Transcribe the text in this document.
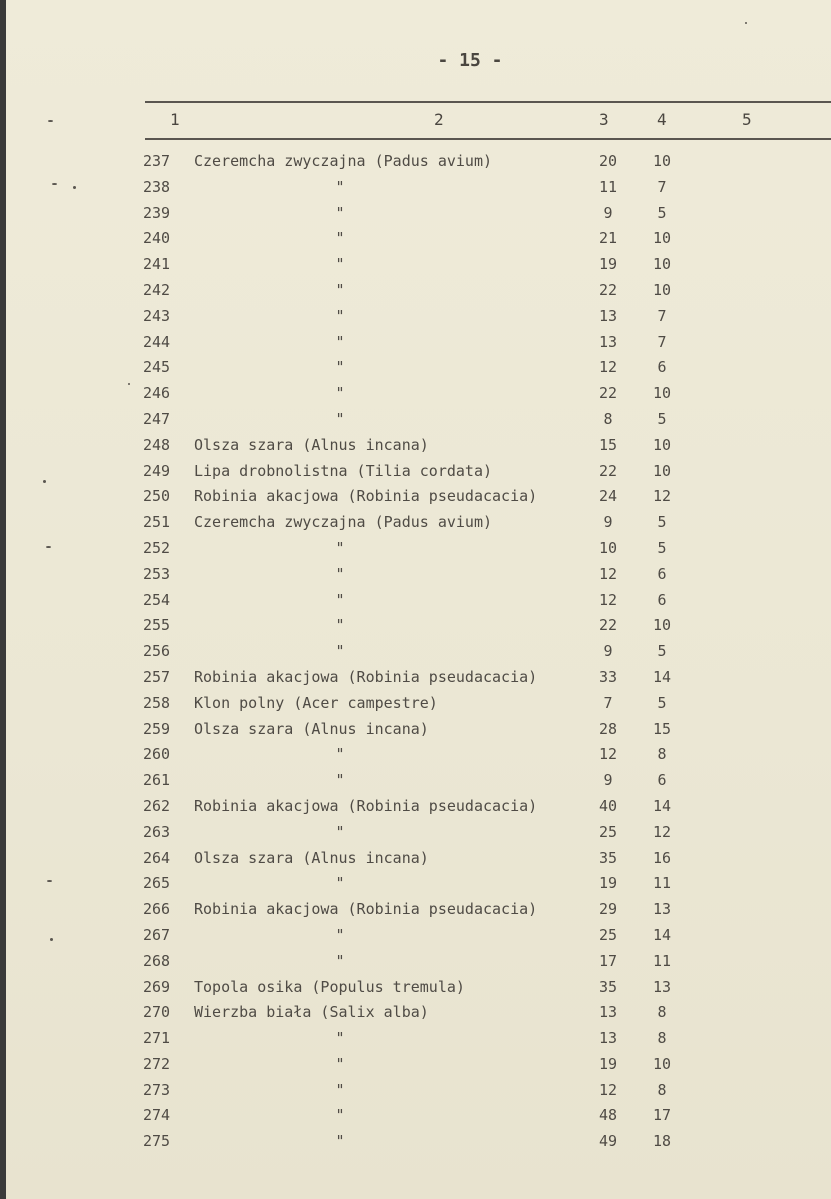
- 15 -
1	2	3	4	5
237	Czeremcha zwyczajna (Padus avium)	20	10
238	"	11	7
239	"	9	5
240	"	21	10
241	"	19	10
242	"	22	10
243	"	13	7
244	"	13	7
245	"	12	6
246	"	22	10
247	"	8	5
248	Olsza szara (Alnus incana)	15	10
249	Lipa drobnolistna (Tilia cordata)	22	10
250	Robinia akacjowa (Robinia pseudacacia)	24	12
251	Czeremcha zwyczajna (Padus avium)	9	5
252	"	10	5
253	"	12	6
254	"	12	6
255	"	22	10
256	"	9	5
257	Robinia akacjowa (Robinia pseudacacia)	33	14
258	Klon polny (Acer campestre)	7	5
259	Olsza szara (Alnus incana)	28	15
260	"	12	8
261	"	9	6
262	Robinia akacjowa (Robinia pseudacacia)	40	14
263	"	25	12
264	Olsza szara (Alnus incana)	35	16
265	"	19	11
266	Robinia akacjowa (Robinia pseudacacia)	29	13
267	"	25	14
268	"	17	11
269	Topola osika (Populus tremula)	35	13
270	Wierzba biała (Salix alba)	13	8
271	"	13	8
272	"	19	10
273	"	12	8
274	"	48	17
275	"	49	18
